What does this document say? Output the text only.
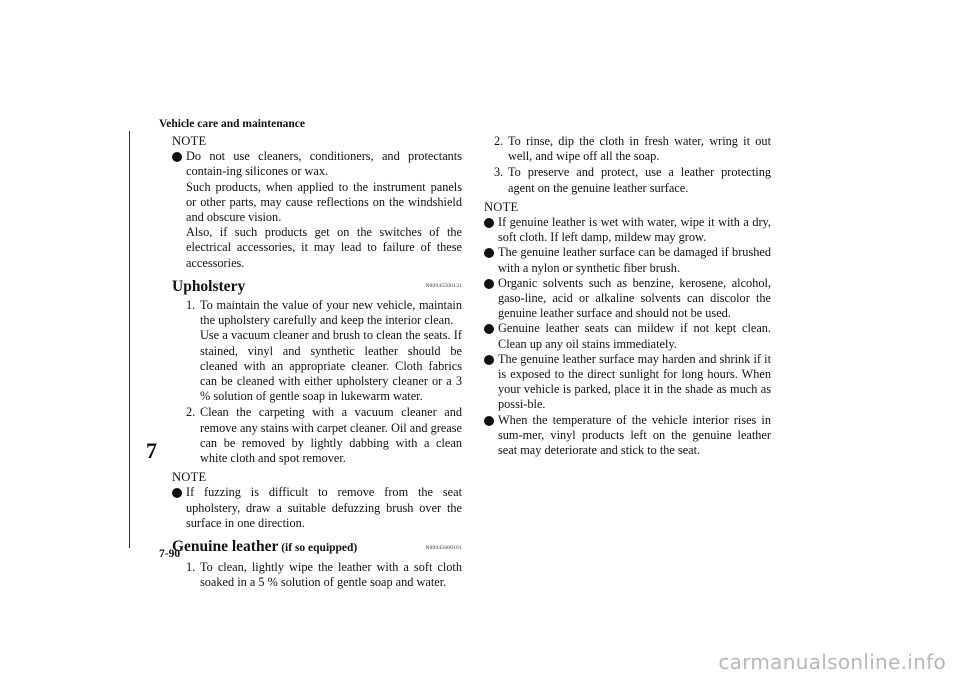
Vehicle care and maintenance
7
7-90
NOTE

Do not use cleaners, conditioners, and protectants contain-ing silicones or wax.

Such products, when applied to the instrument panels or other parts, may cause reflections on the windshield and obscure vision.

Also, if such products get on the switches of the electrical accessories, it may lead to failure of these accessories.

Upholstery	N00945500131
1. To maintain the value of your new vehicle, maintain the upholstery carefully and keep the interior clean.

Use a vacuum cleaner and brush to clean the seats. If stained, vinyl and synthetic leather should be cleaned with an appropriate cleaner. Cloth fabrics can be cleaned with either upholstery cleaner or a 3 % solution of gentle soap in lukewarm water.

2. Clean the carpeting with a vacuum cleaner and remove any stains with carpet cleaner. Oil and grease can be removed by lightly dabbing with a clean white cloth and spot remover.

NOTE

If fuzzing is difficult to remove from the seat upholstery, draw a suitable defuzzing brush over the surface in one direction.

Genuine leather (if so equipped)	N00945600161
1. To clean, lightly wipe the leather with a soft cloth soaked in a 5 % solution of gentle soap and water.

2. To rinse, dip the cloth in fresh water, wring it out well, and wipe off all the soap.

3. To preserve and protect, use a leather protecting agent on the genuine leather surface.

NOTE

If genuine leather is wet with water, wipe it with a dry, soft cloth. If left damp, mildew may grow.

The genuine leather surface can be damaged if brushed with a nylon or synthetic fiber brush.

Organic solvents such as benzine, kerosene, alcohol, gaso-line, acid or alkaline solvents can discolor the genuine leather surface and should not be used.

Genuine leather seats can mildew if not kept clean. Clean up any oil stains immediately.

The genuine leather surface may harden and shrink if it is exposed to the direct sunlight for long hours. When your vehicle is parked, place it in the shade as much as possi-ble.

When the temperature of the vehicle interior rises in sum-mer, vinyl products left on the genuine leather seat may deteriorate and stick to the seat.

carmanualsonline.info
